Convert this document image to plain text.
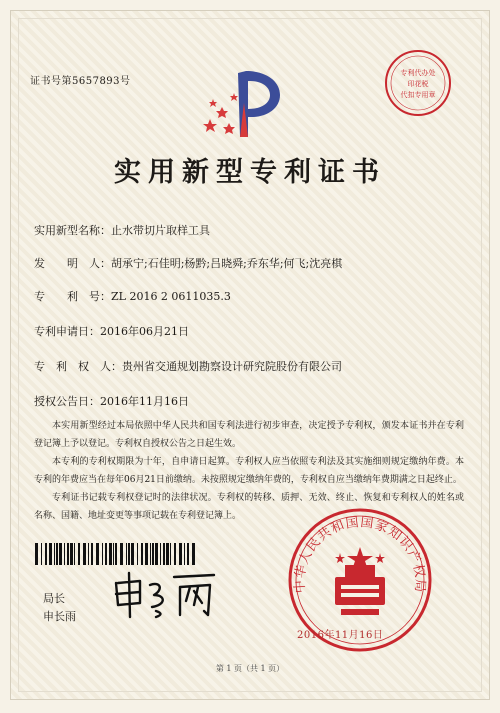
证书号第5657893号
专利代办处
印花税
代扣专用章
实用新型专利证书
实用新型名称：止水带切片取样工具
发　　明　人：胡承宁;石佳明;杨黔;吕晓舜;乔东华;何飞;沈亮棋
专　　利　号：ZL 2016 2 0611035.3
专利申请日：2016年06月21日
专　利　权　人：贵州省交通规划勘察设计研究院股份有限公司
授权公告日：2016年11月16日

本实用新型经过本局依照中华人民共和国专利法进行初步审查，决定授予专利权，颁发本证书并在专利登记簿上予以登记。专利权自授权公告之日起生效。

本专利的专利权期限为十年，自申请日起算。专利权人应当依照专利法及其实施细则规定缴纳年费。本专利的年费应当在每年06月21日前缴纳。未按照规定缴纳年费的，专利权自应当缴纳年费期满之日起终止。

专利证书记载专利权登记时的法律状况。专利权的转移、质押、无效、终止、恢复和专利权人的姓名或名称、国籍、地址变更等事项记载在专利登记簿上。

局长
申长雨
中华人民共和国国家知识产权局
2016年11月16日
第 1 页（共 1 页）
